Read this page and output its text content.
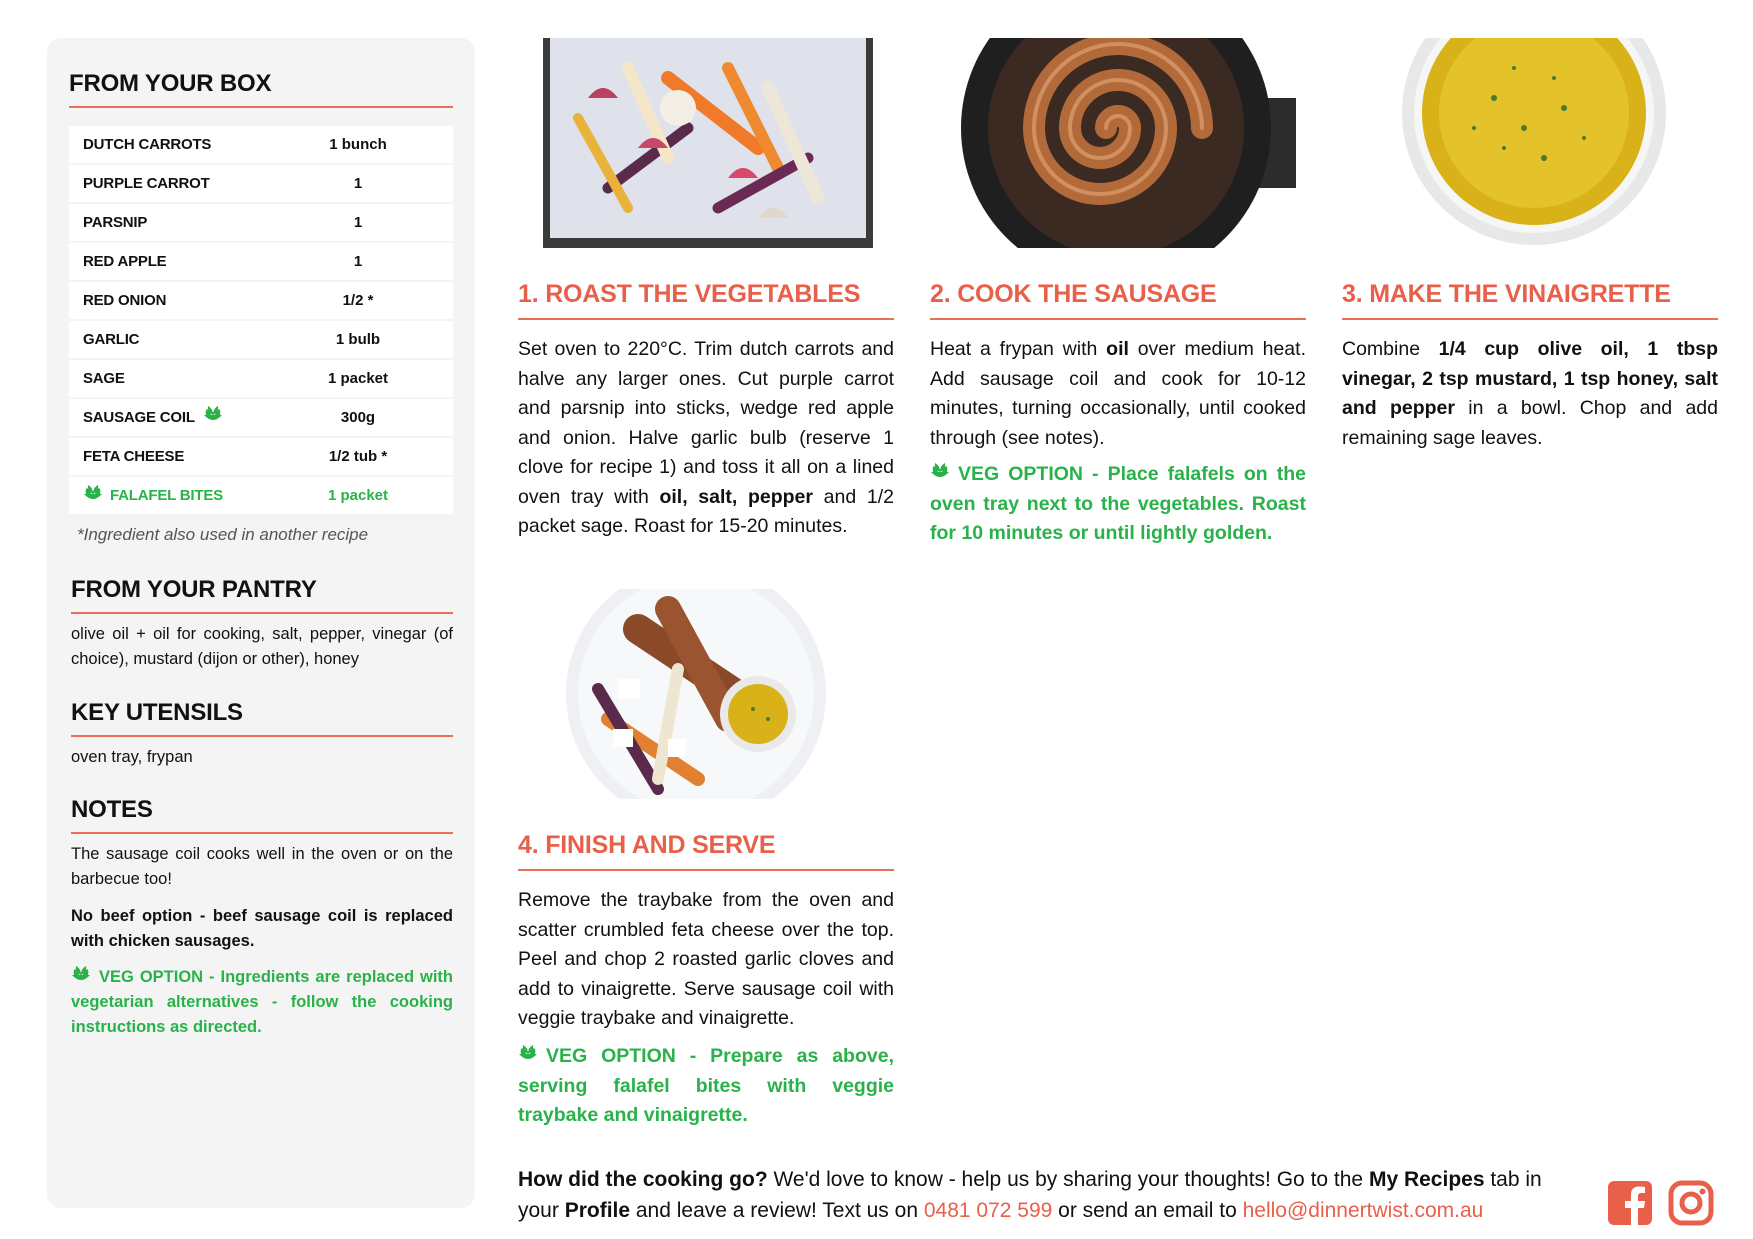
FROM YOUR BOX
DUTCH CARROTS	1 bunch
PURPLE CARROT	1
PARSNIP	1
RED APPLE	1
RED ONION	1/2 *
GARLIC	1 bulb
SAGE	1 packet
SAUSAGE COIL	300g
FETA CHEESE	1/2 tub *
FALAFEL BITES	1 packet
*Ingredient also used in another recipe
FROM YOUR PANTRY
olive oil + oil for cooking, salt, pepper, vinegar (of choice), mustard (dijon or other), honey
KEY UTENSILS
oven tray, frypan
NOTES
The sausage coil cooks well in the oven or on the barbecue too!
No beef option - beef sausage coil is replaced with chicken sausages.
VEG OPTION - Ingredients are replaced with vegetarian alternatives - follow the cooking instructions as directed.
1. ROAST THE VEGETABLES
Set oven to 220°C. Trim dutch carrots and halve any larger ones. Cut purple carrot and parsnip into sticks, wedge red apple and onion. Halve garlic bulb (reserve 1 clove for recipe 1) and toss it all on a lined oven tray with oil, salt, pepper and 1/2 packet sage. Roast for 15-20 minutes.
2. COOK THE SAUSAGE
Heat a frypan with oil over medium heat. Add sausage coil and cook for 10-12 minutes, turning occasionally, until cooked through (see notes).
VEG OPTION - Place falafels on the oven tray next to the vegetables. Roast for 10 minutes or until lightly golden.
3. MAKE THE VINAIGRETTE
Combine 1/4 cup olive oil, 1 tbsp vinegar, 2 tsp mustard, 1 tsp honey, salt and pepper in a bowl. Chop and add remaining sage leaves.
4. FINISH AND SERVE
Remove the traybake from the oven and scatter crumbled feta cheese over the top. Peel and chop 2 roasted garlic cloves and add to vinaigrette. Serve sausage coil with veggie traybake and vinaigrette.
VEG OPTION - Prepare as above, serving falafel bites with veggie traybake and vinaigrette.
How did the cooking go? We'd love to know - help us by sharing your thoughts! Go to the My Recipes tab in your Profile and leave a review! Text us on 0481 072 599 or send an email to hello@dinnertwist.com.au
